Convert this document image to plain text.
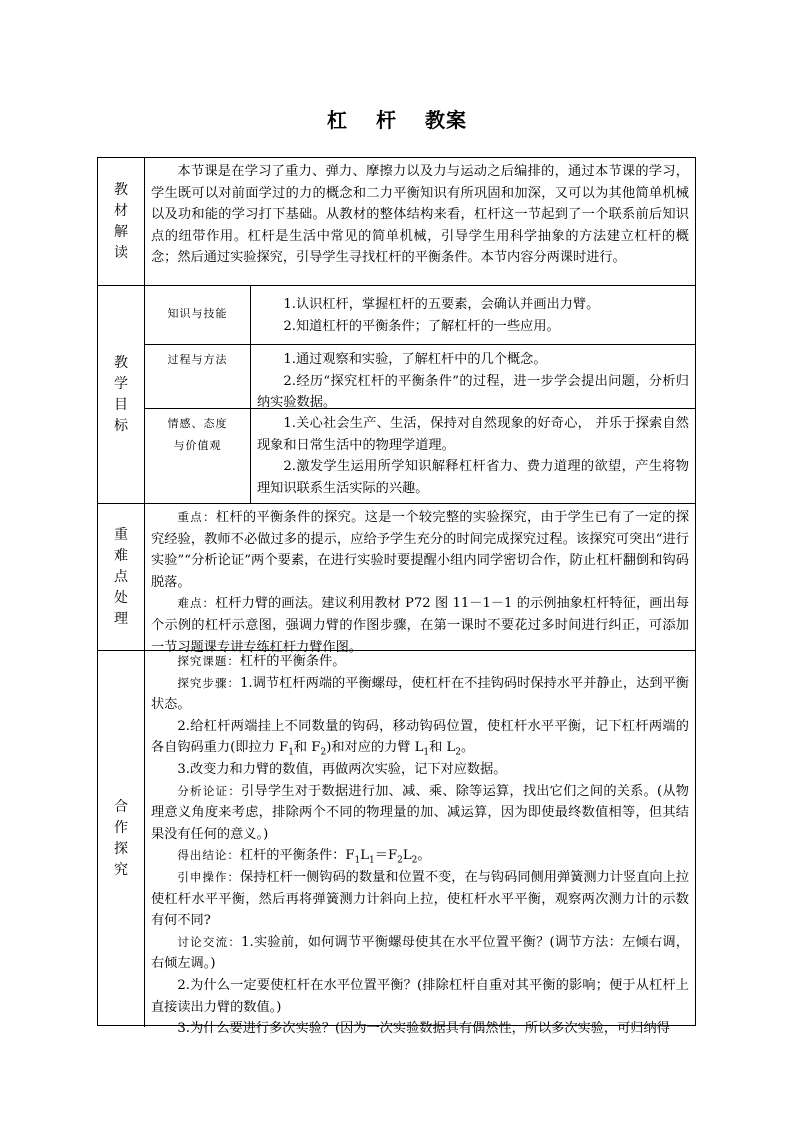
杠 杆 教案
教
材
解
读

本节课是在学习了重力、弹力、摩擦力以及力与运动之后编排的，通过本节课的学习，学生既可以对前面学过的力的概念和二力平衡知识有所巩固和加深，又可以为其他简单机械以及功和能的学习打下基础。从教材的整体结构来看，杠杆这一节起到了一个联系前后知识点的纽带作用。杠杆是生活中常见的简单机械，引导学生用科学抽象的方法建立杠杆的概念；然后通过实验探究，引导学生寻找杠杆的平衡条件。本节内容分两课时进行。

教
学
目
标
知识与技能

1.认识杠杆，掌握杠杆的五要素，会确认并画出力臂。

2.知道杠杆的平衡条件；了解杠杆的一些应用。

过程与方法	1.通过观察和实验，了解杠杆中的几个概念。

2.经历“探究杠杆的平衡条件”的过程，进一步学会提出问题，分析归纳实验数据。

情感、态度
与价值观

1.关心社会生产、生活，保持对自然现象的好奇心， 并乐于探索自然现象和日常生活中的物理学道理。

2.激发学生运用所学知识解释杠杆省力、费力道理的欲望，产生将物理知识联系生活实际的兴趣。

重
难
点
处
理

重点：杠杆的平衡条件的探究。这是一个较完整的实验探究，由于学生已有了一定的探究经验，教师不必做过多的提示，应给予学生充分的时间完成探究过程。该探究可突出“进行实验”“分析论证”两个要素，在进行实验时要提醒小组内同学密切合作，防止杠杆翻倒和钩码脱落。

难点：杠杆力臂的画法。建议利用教材 P72 图 11－1－1 的示例抽象杠杆特征，画出每个示例的杠杆示意图，强调力臂的作图步骤，在第一课时不要花过多时间进行纠正，可添加一节习题课专讲专练杠杆力臂作图。

合
作
探
究

探究课题：杠杆的平衡条件。

探究步骤：1.调节杠杆两端的平衡螺母，使杠杆在不挂钩码时保持水平并静止，达到平衡状态。

2.给杠杆两端挂上不同数量的钩码，移动钩码位置，使杠杆水平平衡，记下杠杆两端的各自钩码重力(即拉力 $F_1$和 $F_2$)和对应的力臂 $L_1$和 $L_2$。

3.改变力和力臂的数值，再做两次实验，记下对应数据。

分析论证：引导学生对于数据进行加、减、乘、除等运算，找出它们之间的关系。(从物理意义角度来考虑，排除两个不同的物理量的加、减运算，因为即使最终数值相等，但其结果没有任何的意义。)

得出结论：杠杆的平衡条件：$F_1L_1=F_2L_2$。

引申操作：保持杠杆一侧钩码的数量和位置不变，在与钩码同侧用弹簧测力计竖直向上拉使杠杆水平平衡，然后再将弹簧测力计斜向上拉，使杠杆水平平衡，观察两次测力计的示数有何不同?

讨论交流：1.实验前，如何调节平衡螺母使其在水平位置平衡？(调节方法：左倾右调，右倾左调。)

2.为什么一定要使杠杆在水平位置平衡？(排除杠杆自重对其平衡的影响；便于从杠杆上直接读出力臂的数值。)

3.为什么要进行多次实验？(因为一次实验数据具有偶然性，所以多次实验，可归纳得
